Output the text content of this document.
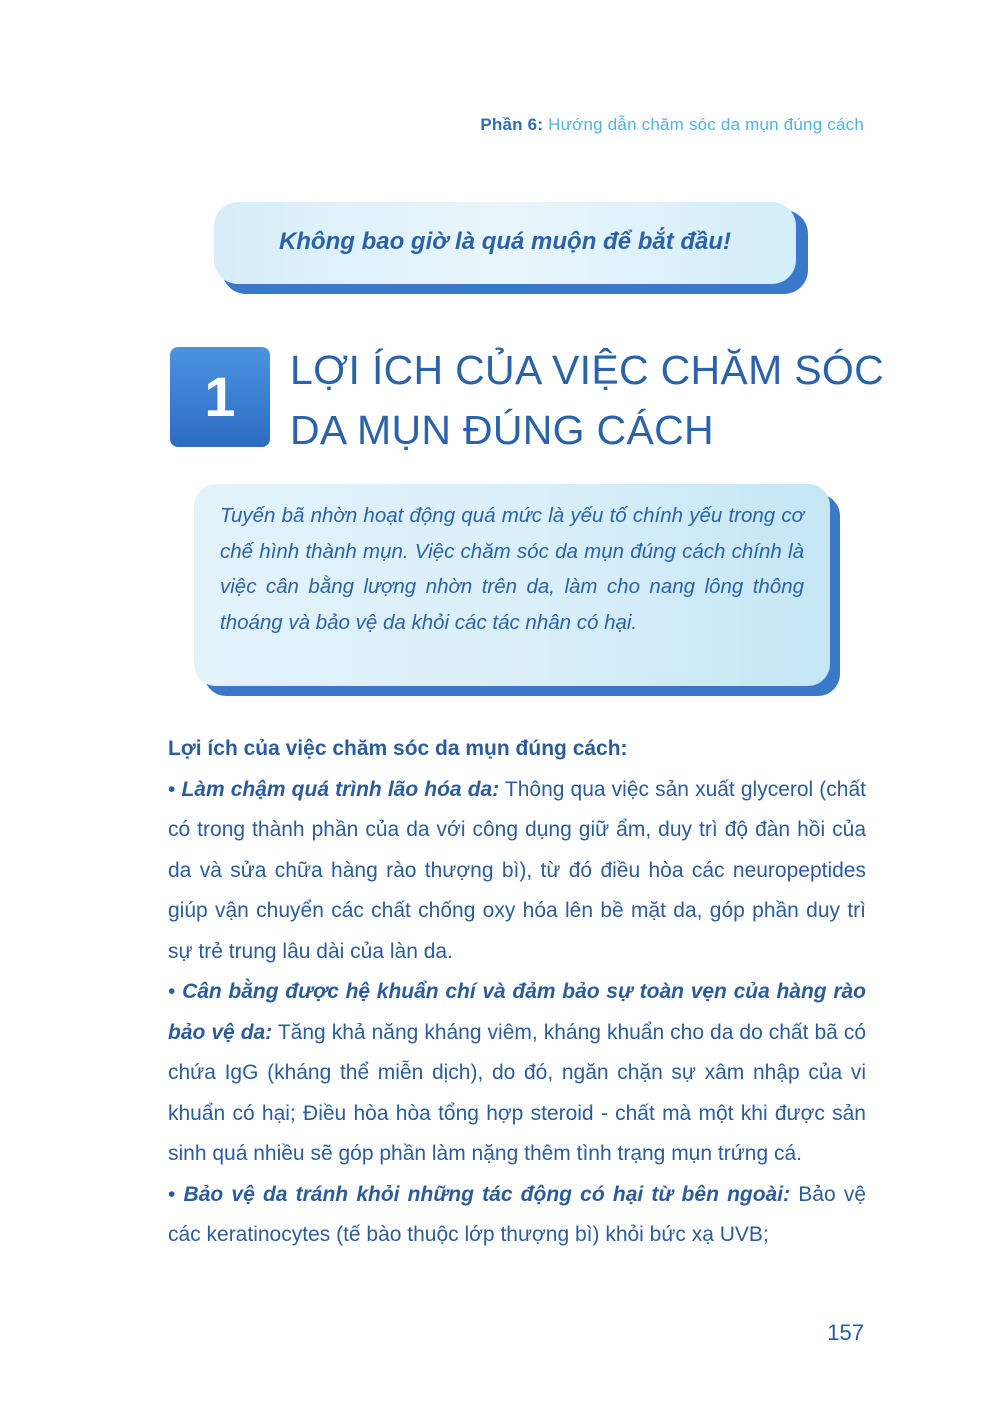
Phần 6: Hướng dẫn chăm sóc da mụn đúng cách
Không bao giờ là quá muộn để bắt đầu!
1	LỢI ÍCH CỦA VIỆC CHĂM SÓC DA MỤN ĐÚNG CÁCH
Tuyến bã nhờn hoạt động quá mức là yếu tố chính yếu trong cơ chế hình thành mụn. Việc chăm sóc da mụn đúng cách chính là việc cân bằng lượng nhờn trên da, làm cho nang lông thông thoáng và bảo vệ da khỏi các tác nhân có hại.

Lợi ích của việc chăm sóc da mụn đúng cách:

• Làm chậm quá trình lão hóa da: Thông qua việc sản xuất glycerol (chất có trong thành phần của da với công dụng giữ ẩm, duy trì độ đàn hồi của da và sửa chữa hàng rào thượng bì), từ đó điều hòa các neuropeptides giúp vận chuyển các chất chống oxy hóa lên bề mặt da, góp phần duy trì sự trẻ trung lâu dài của làn da.

• Cân bằng được hệ khuẩn chí và đảm bảo sự toàn vẹn của hàng rào bảo vệ da: Tăng khả năng kháng viêm, kháng khuẩn cho da do chất bã có chứa IgG (kháng thể miễn dịch), do đó, ngăn chặn sự xâm nhập của vi khuẩn có hại; Điều hòa hòa tổng hợp steroid - chất mà một khi được sản sinh quá nhiều sẽ góp phần làm nặng thêm tình trạng mụn trứng cá.

• Bảo vệ da tránh khỏi những tác động có hại từ bên ngoài: Bảo vệ các keratinocytes (tế bào thuộc lớp thượng bì) khỏi bức xạ UVB;

157
